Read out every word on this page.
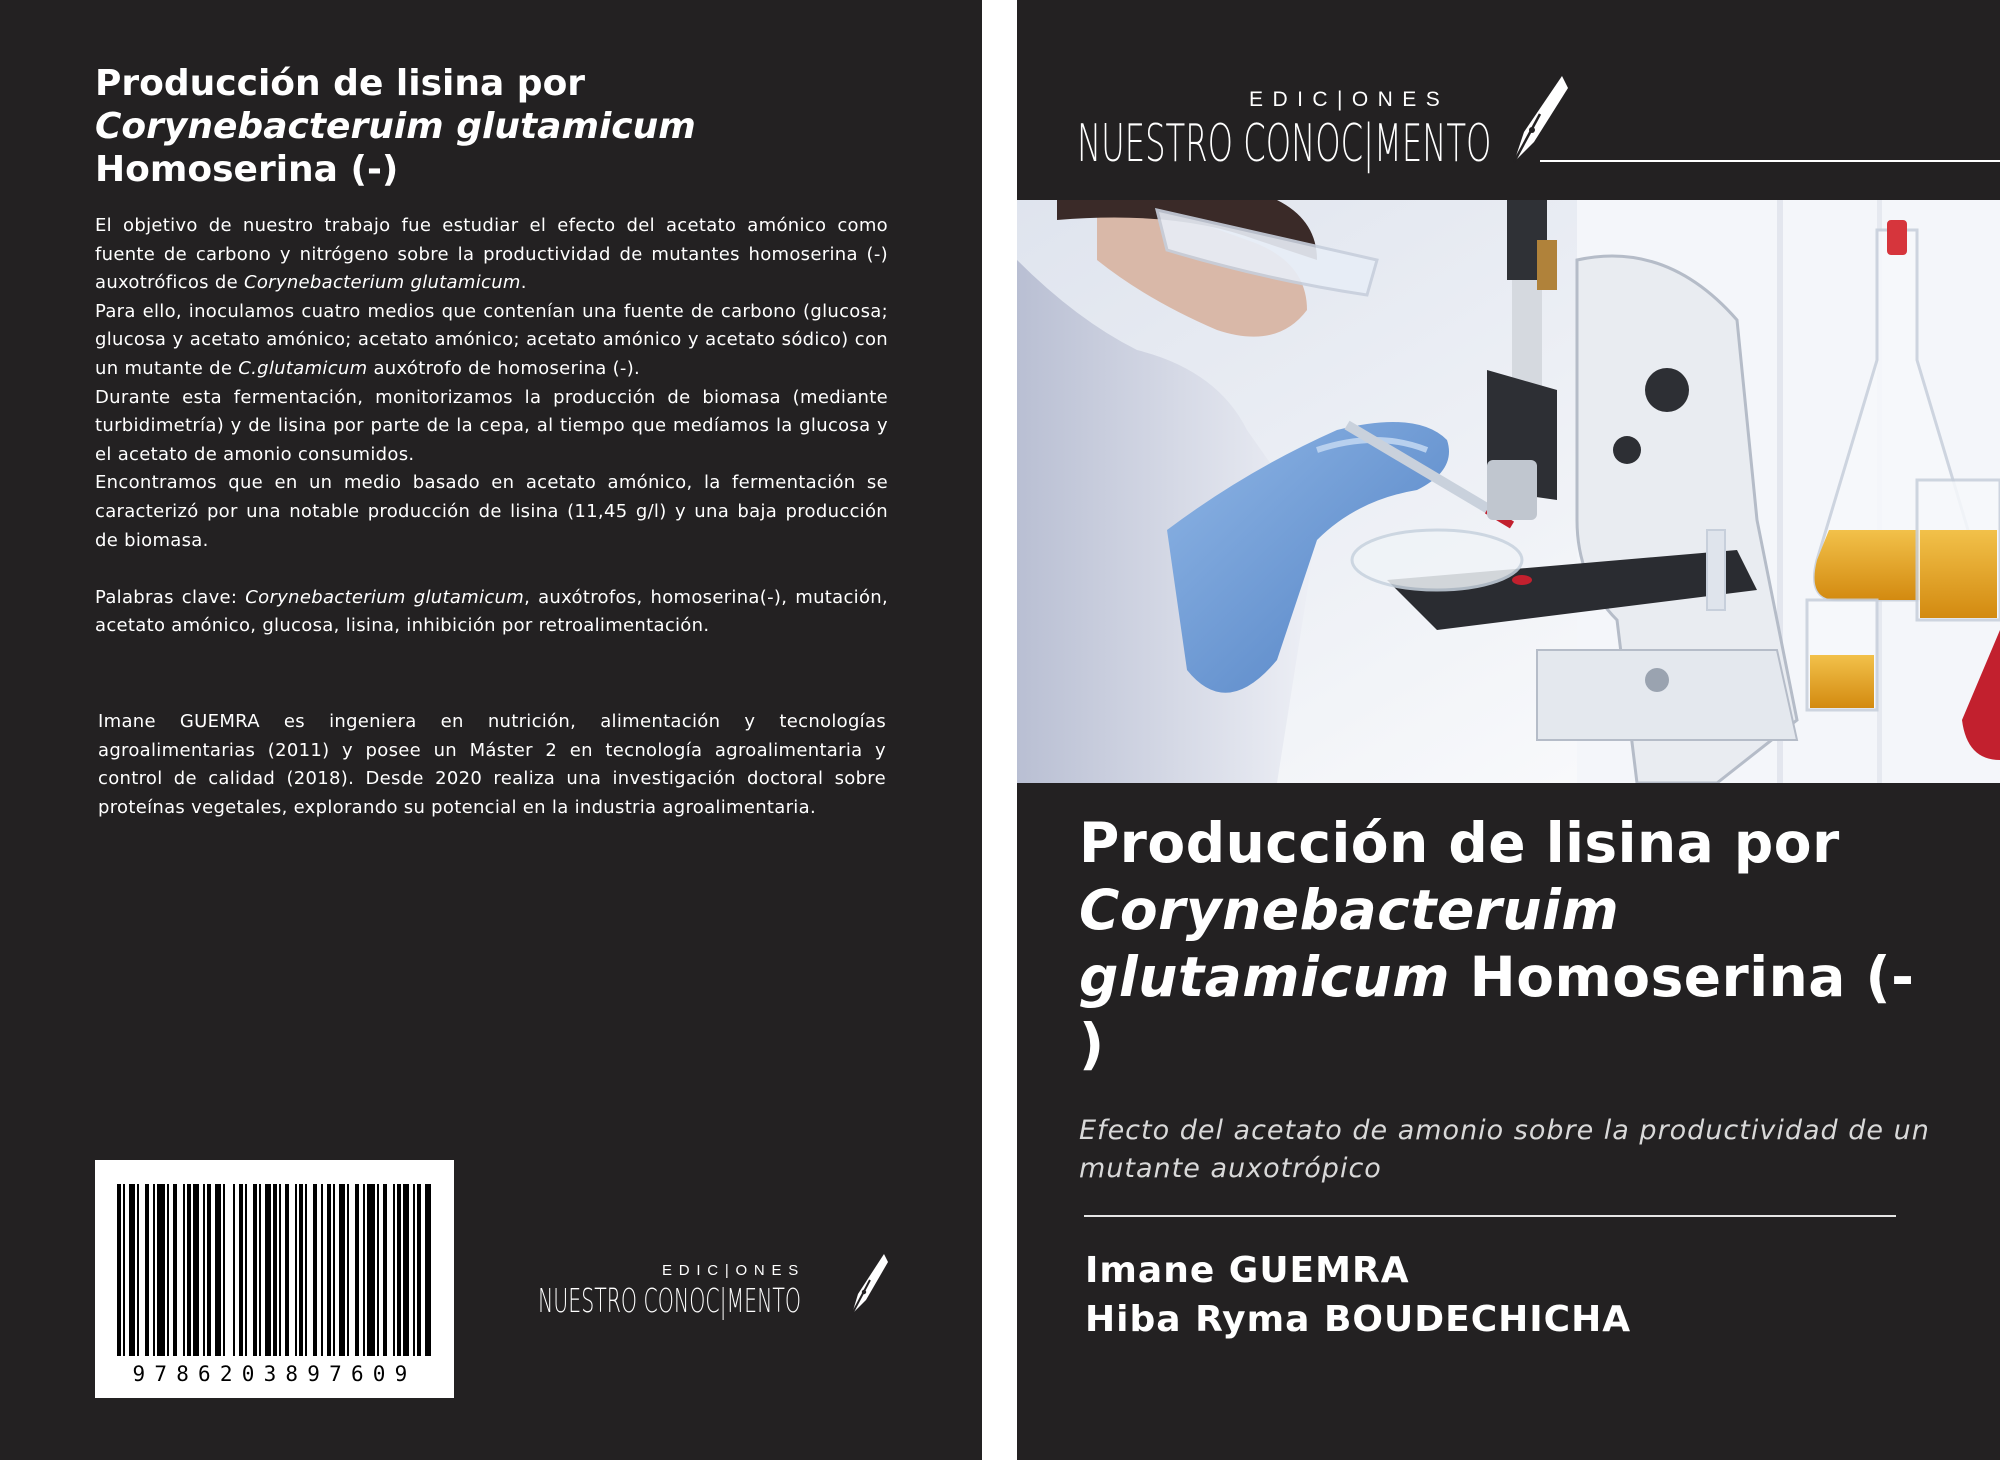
Producción de lisina por
Corynebacteruim glutamicum
Homoserina (-)

El objetivo de nuestro trabajo fue estudiar el efecto del acetato amónico como fuente de carbono y nitrógeno sobre la productividad de mutantes homoserina (-) auxotróficos de Corynebacterium glutamicum.

Para ello, inoculamos cuatro medios que contenían una fuente de carbono (glucosa; glucosa y acetato amónico; acetato amónico; acetato amónico y acetato sódico) con un mutante de C.glutamicum auxótrofo de homoserina (-).

Durante esta fermentación, monitorizamos la producción de biomasa (mediante turbidimetría) y de lisina por parte de la cepa, al tiempo que medíamos la glucosa y el acetato de amonio consumidos.

Encontramos que en un medio basado en acetato amónico, la fermentación se caracterizó por una notable producción de lisina (11,45 g/l) y una baja producción de biomasa.

Palabras clave: Corynebacterium glutamicum, auxótrofos, homoserina(-), mutación, acetato amónico, glucosa, lisina, inhibición por retroalimentación.

Imane GUEMRA es ingeniera en nutrición, alimentación y tecnologías agroalimentarias (2011) y posee un Máster 2 en tecnología agroalimentaria y control de calidad (2018). Desde 2020 realiza una investigación doctoral sobre proteínas vegetales, explorando su potencial en la industria agroalimentaria.

9786203897609
EDIC|ONES
NUESTRO CONOC|MENTO
EDIC|ONES
NUESTRO CONOC|MENTO
Producción de lisina por
Corynebacteruim
glutamicum Homoserina (-
)
Efecto del acetato de amonio sobre la productividad de un mutante auxotrópico
Imane GUEMRA
Hiba Ryma BOUDECHICHA
